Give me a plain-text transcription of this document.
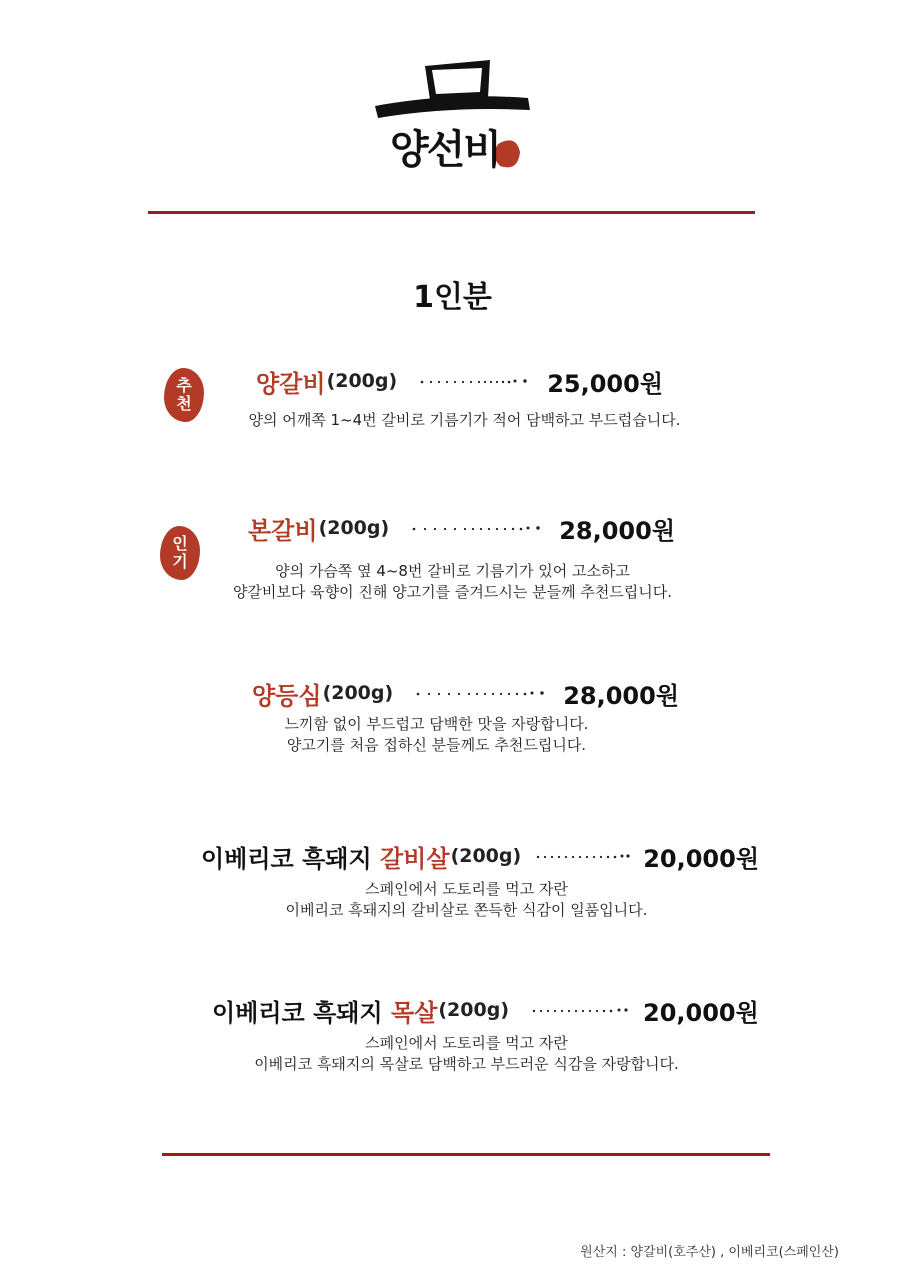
양선비
1인분
추
천
양갈비 (200g)	25,000원
양의 어깨쪽 1~4번 갈비로 기름기가 적어 담백하고 부드럽습니다.
인
기
본갈비 (200g)	28,000원
양의 가슴쪽 옆 4~8번 갈비로 기름기가 있어 고소하고
양갈비보다 육향이 진해 양고기를 즐겨드시는 분들께 추천드립니다.
양등심 (200g)	28,000원
느끼함 없이 부드럽고 담백한 맛을 자랑합니다.
양고기를 처음 접하신 분들께도 추천드립니다.
이베리코 흑돼지 갈비살 (200g)	20,000원
스페인에서 도토리를 먹고 자란
이베리코 흑돼지의 갈비살로 쫀득한 식감이 일품입니다.
이베리코 흑돼지 목살 (200g)	20,000원
스페인에서 도토리를 먹고 자란
이베리코 흑돼지의 목살로 담백하고 부드러운 식감을 자랑합니다.
원산지 : 양갈비(호주산) , 이베리코(스페인산)
